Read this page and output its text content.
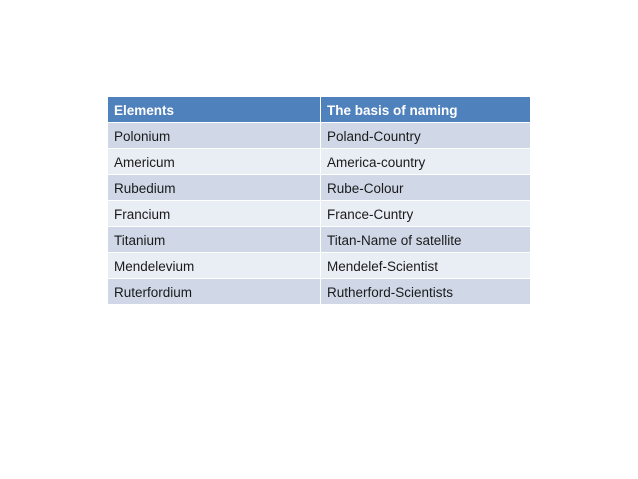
Elements	The basis of naming
Polonium	Poland-Country
Americum	America-country
Rubedium	Rube-Colour
Francium	France-Cuntry
Titanium	Titan-Name of satellite
Mendelevium	Mendelef-Scientist
Ruterfordium	Rutherford-Scientists
